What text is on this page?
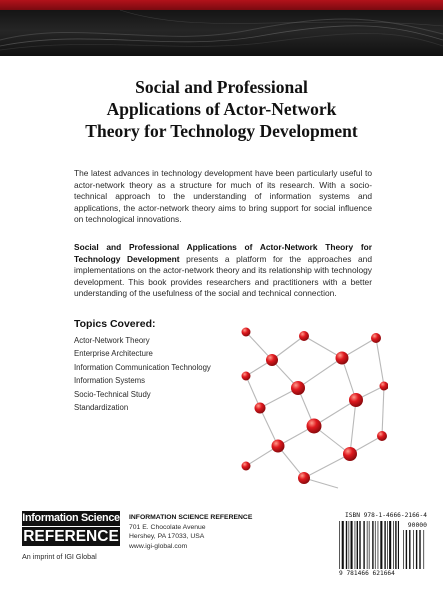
Social and Professional
Applications of Actor-Network
Theory for Technology Development
The latest advances in technology development have been particularly useful to actor-network theory as a structure for much of its research. With a socio-technical approach to the understanding of information systems and applications, the actor-network theory aims to bring support for social influence on technological innovations.
Social and Professional Applications of Actor-Network Theory for Technology Development presents a platform for the approaches and implementations on the actor-network theory and its relationship with technology development. This book provides researchers and practitioners with a better understanding of the usefulness of the social and technical connection.
Topics Covered:
Actor-Network Theory
Enterprise Architecture
Information Communication Technology
Information Systems
Socio-Technical Study
Standardization
Information Science
REFERENCE
An imprint of IGI Global
INFORMATION SCIENCE REFERENCE
701 E. Chocolate Avenue
Hershey, PA 17033, USA
www.igi-global.com
ISBN 978-1-4666-2166-4
90000
9 781466 621664
